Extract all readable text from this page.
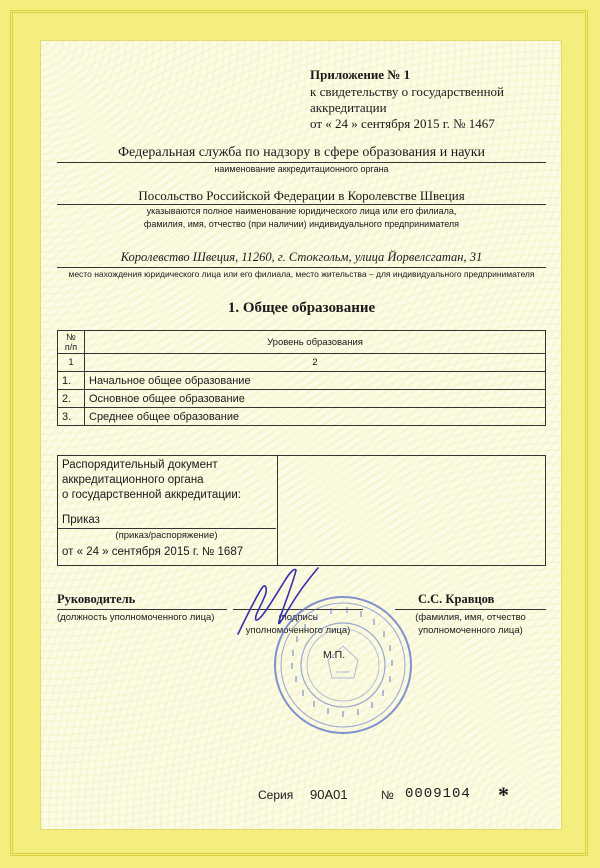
Приложение № 1
к свидетельству о государственной
аккредитации
от « 24 » сентября 2015 г. № 1467
Федеральная служба по надзору в сфере образования и науки
наименование аккредитационного органа
Посольство Российской Федерации в Королевстве Швеция
указываются полное наименование юридического лица или его филиала,
фамилия, имя, отчество (при наличии) индивидуального предпринимателя
Королевство Швеция, 11260, г. Стокгольм, улица Йорвелсгатан, 31
место нахождения юридического лица или его филиала, место жительства – для индивидуального предпринимателя
1. Общее образование
№
п/п	Уровень образования
1	2
1.	Начальное общее образование
2.	Основное общее образование
3.	Среднее общее образование
Распорядительный документ
аккредитационного органа
о государственной аккредитации:
Приказ
(приказ/распоряжение)
от « 24 » сентября 2015 г. № 1687
Руководитель
(должность уполномоченного лица)	(подпись
уполномоченного лица)
С.С. Кравцов
(фамилия, имя, отчество
уполномоченного лица)
М.П.
Серия 90А01	№ 0009104 *
